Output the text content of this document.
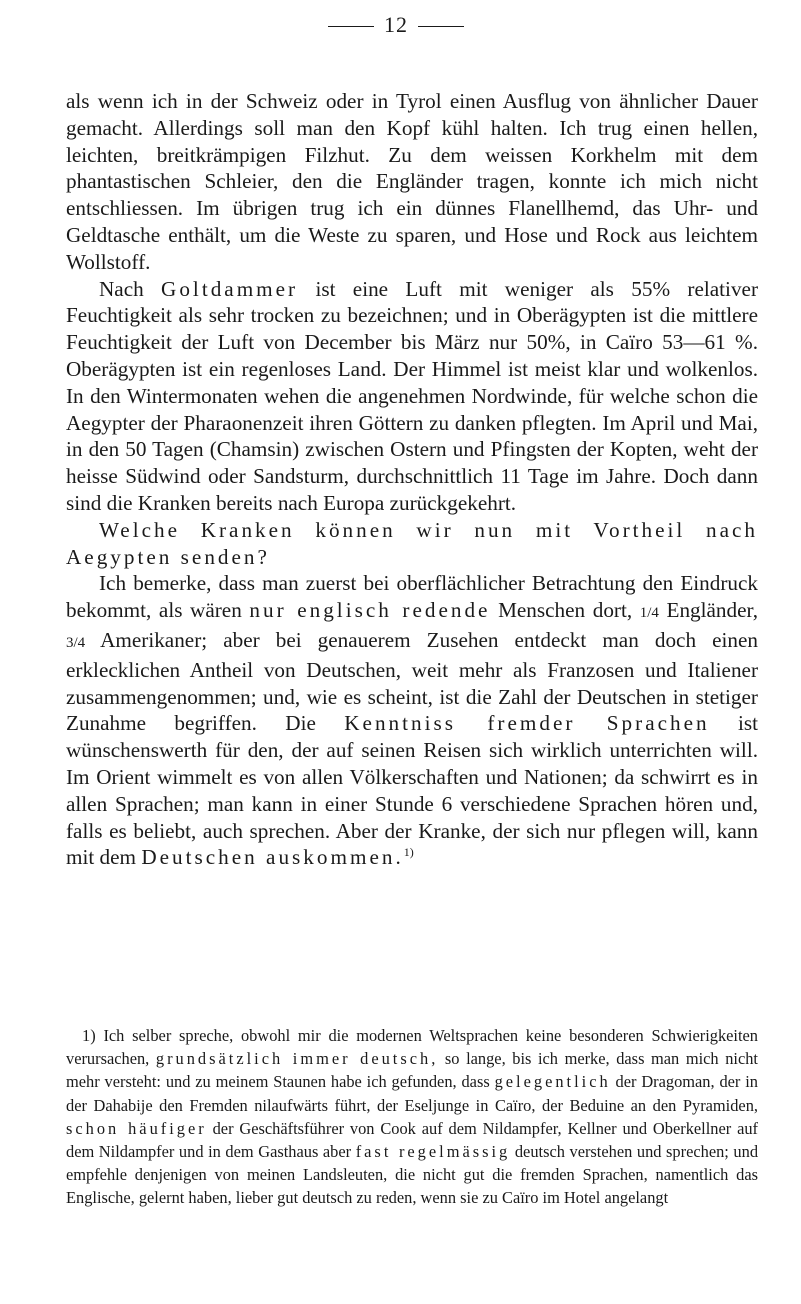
12

als wenn ich in der Schweiz oder in Tyrol einen Ausflug von ähnlicher Dauer gemacht. Allerdings soll man den Kopf kühl halten. Ich trug einen hellen, leichten, breitkrämpigen Filzhut. Zu dem weissen Korkhelm mit dem phantastischen Schleier, den die Engländer tragen, konnte ich mich nicht entschliessen. Im übrigen trug ich ein dünnes Flanellhemd, das Uhr- und Geldtasche enthält, um die Weste zu sparen, und Hose und Rock aus leichtem Wollstoff.

Nach Goltdammer ist eine Luft mit weniger als 55% relativer Feuchtigkeit als sehr trocken zu bezeichnen; und in Oberägypten ist die mittlere Feuchtigkeit der Luft von December bis März nur 50%, in Caïro 53—61 %. Oberägypten ist ein regenloses Land. Der Himmel ist meist klar und wolkenlos. In den Wintermonaten wehen die angenehmen Nordwinde, für welche schon die Aegypter der Pharaonenzeit ihren Göttern zu danken pflegten. Im April und Mai, in den 50 Tagen (Chamsin) zwischen Ostern und Pfingsten der Kopten, weht der heisse Südwind oder Sandsturm, durchschnittlich 11 Tage im Jahre. Doch dann sind die Kranken bereits nach Europa zurückgekehrt.

Welche Kranken können wir nun mit Vortheil nach Aegypten senden?

Ich bemerke, dass man zuerst bei oberflächlicher Betrachtung den Eindruck bekommt, als wären nur englisch redende Menschen dort, 1/4 Engländer, 3/4 Amerikaner; aber bei genauerem Zusehen entdeckt man doch einen erklecklichen Antheil von Deutschen, weit mehr als Franzosen und Italiener zusammengenommen; und, wie es scheint, ist die Zahl der Deutschen in stetiger Zunahme begriffen. Die Kenntniss fremder Sprachen ist wünschenswerth für den, der auf seinen Reisen sich wirklich unterrichten will. Im Orient wimmelt es von allen Völkerschaften und Nationen; da schwirrt es in allen Sprachen; man kann in einer Stunde 6 verschiedene Sprachen hören und, falls es beliebt, auch sprechen. Aber der Kranke, der sich nur pflegen will, kann mit dem Deutschen auskommen.$^{1)}$

1) Ich selber spreche, obwohl mir die modernen Weltsprachen keine besonderen Schwierigkeiten verursachen, grundsätzlich immer deutsch, so lange, bis ich merke, dass man mich nicht mehr versteht: und zu meinem Staunen habe ich gefunden, dass gelegentlich der Dragoman, der in der Dahabije den Fremden nilaufwärts führt, der Eseljunge in Caïro, der Beduine an den Pyramiden, schon häufiger der Geschäftsführer von Cook auf dem Nildampfer, Kellner und Oberkellner auf dem Nildampfer und in dem Gasthaus aber fast regelmässig deutsch verstehen und sprechen; und empfehle denjenigen von meinen Landsleuten, die nicht gut die fremden Sprachen, namentlich das Englische, gelernt haben, lieber gut deutsch zu reden, wenn sie zu Caïro im Hotel angelangt
